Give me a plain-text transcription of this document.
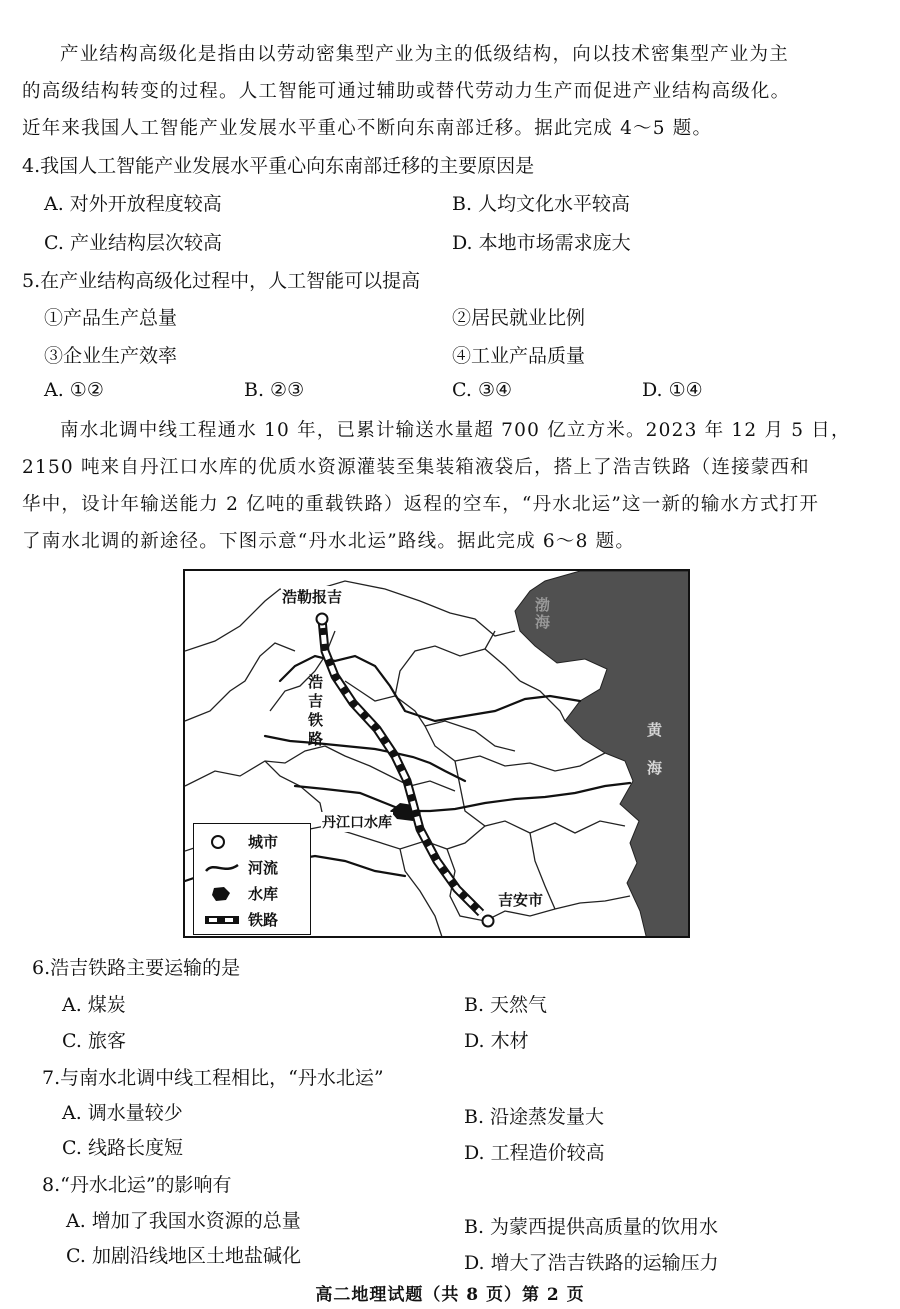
产业结构高级化是指由以劳动密集型产业为主的低级结构，向以技术密集型产业为主
的高级结构转变的过程。人工智能可通过辅助或替代劳动力生产而促进产业结构高级化。
近年来我国人工智能产业发展水平重心不断向东南部迁移。据此完成 4～5 题。
4.我国人工智能产业发展水平重心向东南部迁移的主要原因是
A. 对外开放程度较高	B. 人均文化水平较高
C. 产业结构层次较高	D. 本地市场需求庞大
5.在产业结构高级化过程中，人工智能可以提高
①产品生产总量	②居民就业比例
③企业生产效率	④工业产品质量
A. ①②	B. ②③	C. ③④	D. ①④
南水北调中线工程通水 10 年，已累计输送水量超 700 亿立方米。2023 年 12 月 5 日，
2150 吨来自丹江口水库的优质水资源灌装至集装箱液袋后，搭上了浩吉铁路（连接蒙西和
华中，设计年输送能力 2 亿吨的重载铁路）返程的空车，“丹水北运”这一新的输水方式打开
了南水北调的新途径。下图示意“丹水北运”路线。据此完成 6～8 题。
浩勒报吉
吉安市
丹江口水库
浩吉铁路
渤海
黄海
城市
河流
水库
铁路
6.浩吉铁路主要运输的是
A. 煤炭	B. 天然气
C. 旅客	D. 木材
7.与南水北调中线工程相比，“丹水北运”
A. 调水量较少	B. 沿途蒸发量大
C. 线路长度短	D. 工程造价较高
8.“丹水北运”的影响有
A. 增加了我国水资源的总量	B. 为蒙西提供高质量的饮用水
C. 加剧沿线地区土地盐碱化	D. 增大了浩吉铁路的运输压力
高二地理试题（共 8 页）第 2 页
